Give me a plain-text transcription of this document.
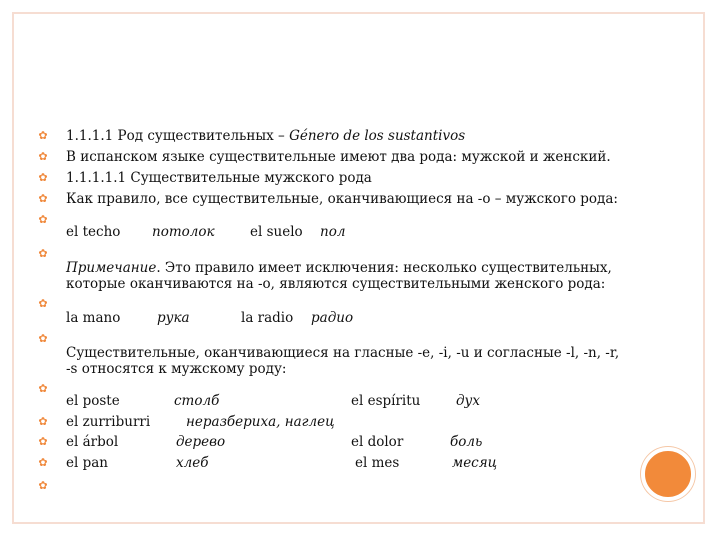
✿ 1.1.1.1 Род существительных – Género de los sustantivos
✿ В испанском языке существительные имеют два рода: мужской и женский.
✿ 1.1.1.1.1 Существительные мужского рода
✿ Как правило, все существительные, оканчивающиеся на -о – мужского рода:
✿
el techo потолок	el suelo пол
✿
Примечание. Это правило имеет исключения: несколько существительных, которые оканчиваются на -о, являются существительными женского рода:
✿
la mano	рука	la radio радио
✿
Существительные, оканчивающиеся на гласные -e, -i, -u и согласные -l, -n, -r, -s относятся к мужскому роду:
✿
el poste	столб	el espíritu	дух
✿ el zurriburri	неразбериха, наглец
✿ el árbol	дерево	el dolor	боль
✿ el pan	хлеб	el mes	месяц
✿
